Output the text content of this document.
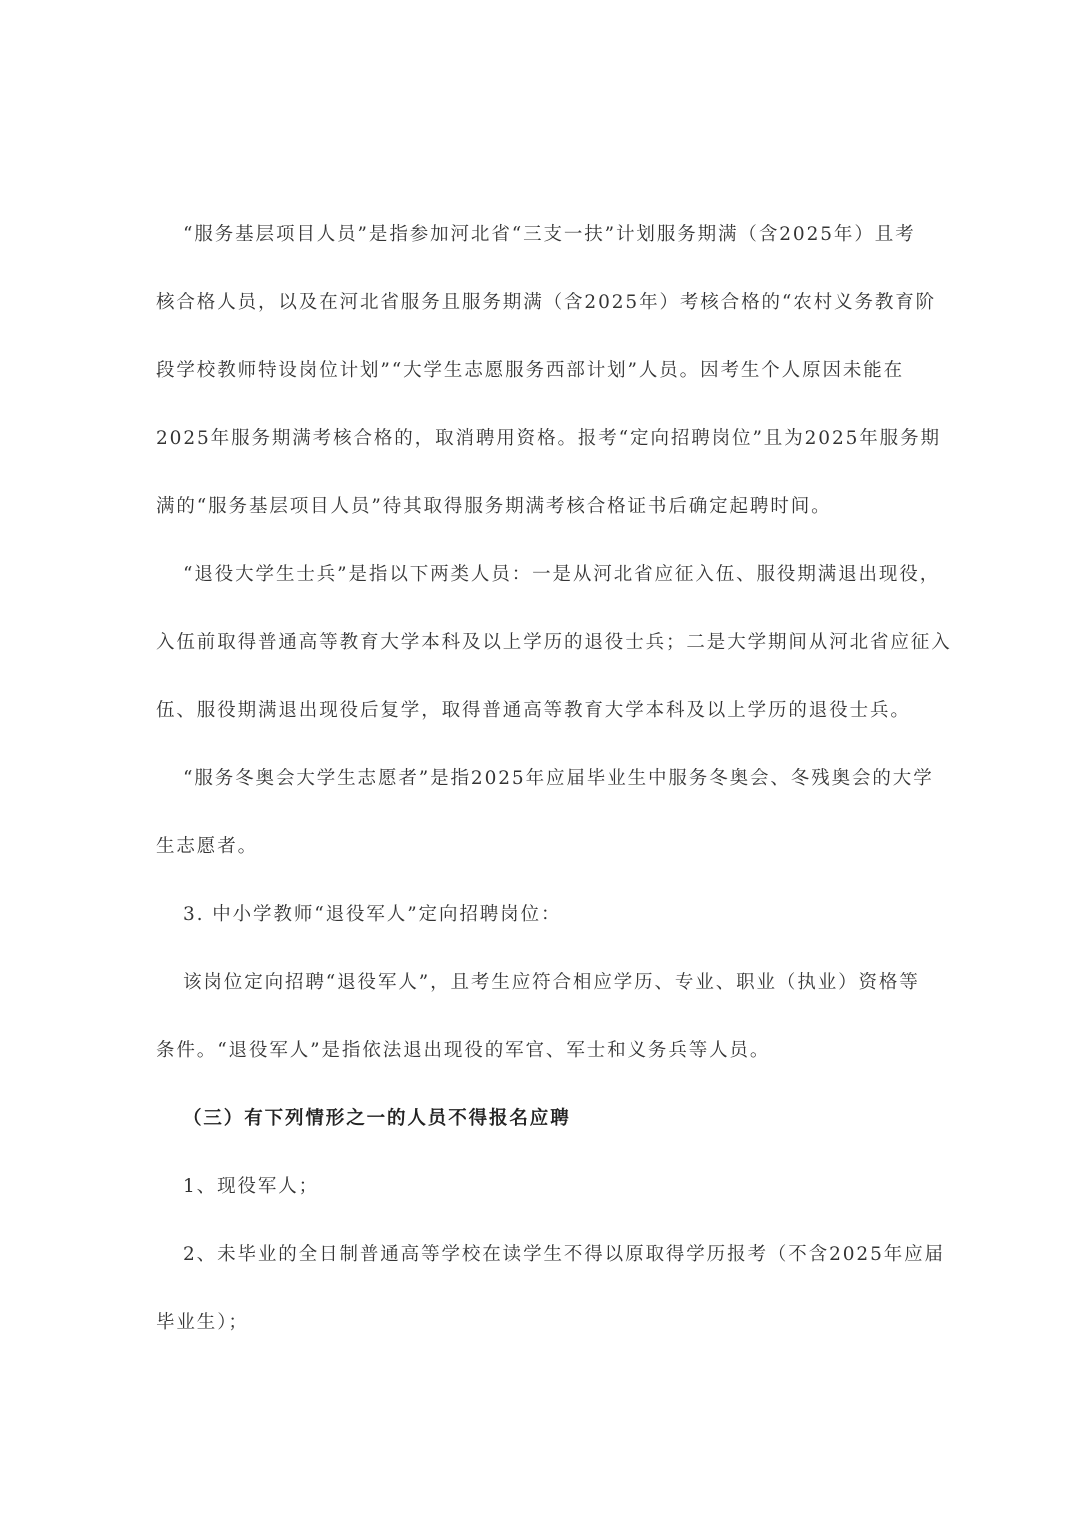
“服务基层项目人员”是指参加河北省“三支一扶”计划服务期满（含2025年）且考
核合格人员，以及在河北省服务且服务期满（含2025年）考核合格的“农村义务教育阶
段学校教师特设岗位计划”“大学生志愿服务西部计划”人员。因考生个人原因未能在
2025年服务期满考核合格的，取消聘用资格。报考“定向招聘岗位”且为2025年服务期
满的“服务基层项目人员”待其取得服务期满考核合格证书后确定起聘时间。
“退役大学生士兵”是指以下两类人员：一是从河北省应征入伍、服役期满退出现役，
入伍前取得普通高等教育大学本科及以上学历的退役士兵；二是大学期间从河北省应征入
伍、服役期满退出现役后复学，取得普通高等教育大学本科及以上学历的退役士兵。
“服务冬奥会大学生志愿者”是指2025年应届毕业生中服务冬奥会、冬残奥会的大学
生志愿者。
3. 中小学教师“退役军人”定向招聘岗位：
该岗位定向招聘“退役军人”，且考生应符合相应学历、专业、职业（执业）资格等
条件。“退役军人”是指依法退出现役的军官、军士和义务兵等人员。
（三）有下列情形之一的人员不得报名应聘
1、现役军人；
2、未毕业的全日制普通高等学校在读学生不得以原取得学历报考（不含2025年应届
毕业生）；
